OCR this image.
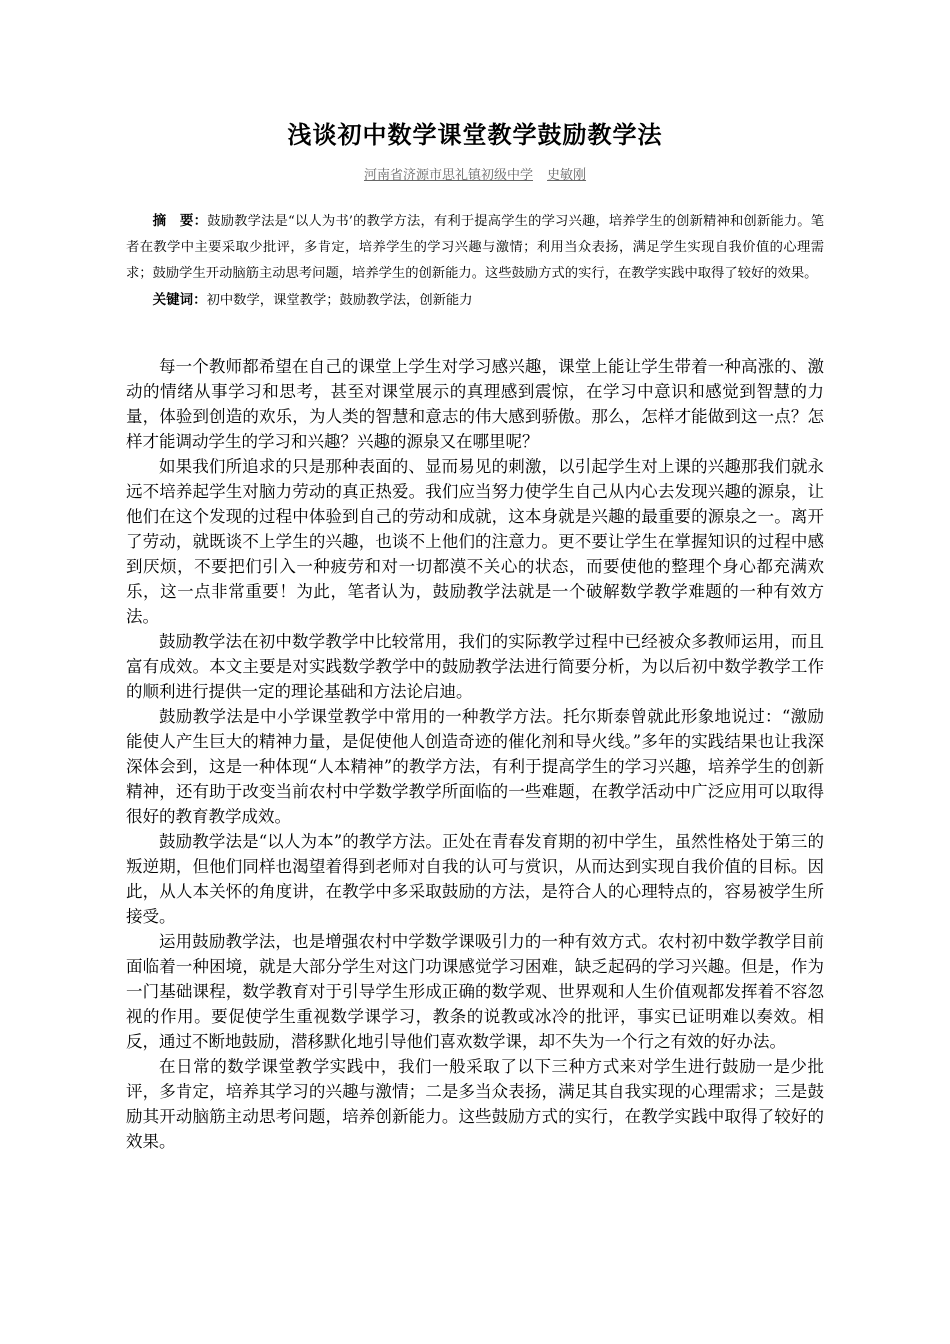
浅谈初中数学课堂教学鼓励教学法
河南省济源市思礼镇初级中学 史敏刚

摘　要：鼓励教学法是“以人为书’的教学方法，有利于提高学生的学习兴趣，培养学生的创新精神和创新能力。笔者在教学中主要采取少批评，多肯定，培养学生的学习兴趣与激情；利用当众表扬，满足学生实现自我价值的心理需求；鼓励学生开动脑筋主动思考问题，培养学生的创新能力。这些鼓励方式的实行，在教学实践中取得了较好的效果。

关键词：初中数学，课堂教学；鼓励教学法，创新能力

每一个教师都希望在自己的课堂上学生对学习感兴趣，课堂上能让学生带着一种高涨的、激动的情绪从事学习和思考，甚至对课堂展示的真理感到震惊，在学习中意识和感觉到智慧的力量，体验到创造的欢乐，为人类的智慧和意志的伟大感到骄傲。那么，怎样才能做到这一点？怎样才能调动学生的学习和兴趣？兴趣的源泉又在哪里呢？

如果我们所追求的只是那种表面的、显而易见的刺激，以引起学生对上课的兴趣那我们就永远不培养起学生对脑力劳动的真正热爱。我们应当努力使学生自己从内心去发现兴趣的源泉，让他们在这个发现的过程中体验到自己的劳动和成就，这本身就是兴趣的最重要的源泉之一。离开了劳动，就既谈不上学生的兴趣，也谈不上他们的注意力。更不要让学生在掌握知识的过程中感到厌烦，不要把们引入一种疲劳和对一切都漠不关心的状态，而要使他的整理个身心都充满欢乐，这一点非常重要！为此，笔者认为，鼓励教学法就是一个破解数学教学难题的一种有效方法。

鼓励教学法在初中数学教学中比较常用，我们的实际教学过程中已经被众多教师运用，而且富有成效。本文主要是对实践数学教学中的鼓励教学法进行简要分析，为以后初中数学教学工作的顺利进行提供一定的理论基础和方法论启迪。

鼓励教学法是中小学课堂教学中常用的一种教学方法。托尔斯泰曾就此形象地说过：“激励能使人产生巨大的精神力量，是促使他人创造奇迹的催化剂和导火线。”多年的实践结果也让我深深体会到，这是一种体现“人本精神”的教学方法，有利于提高学生的学习兴趣，培养学生的创新精神，还有助于改变当前农村中学数学教学所面临的一些难题，在教学活动中广泛应用可以取得很好的教育教学成效。

鼓励教学法是“以人为本”的教学方法。正处在青春发育期的初中学生，虽然性格处于第三的叛逆期，但他们同样也渴望着得到老师对自我的认可与赏识，从而达到实现自我价值的目标。因此，从人本关怀的角度讲，在教学中多采取鼓励的方法，是符合人的心理特点的，容易被学生所接受。

运用鼓励教学法，也是增强农村中学数学课吸引力的一种有效方式。农村初中数学教学目前面临着一种困境，就是大部分学生对这门功课感觉学习困难，缺乏起码的学习兴趣。但是，作为一门基础课程，数学教育对于引导学生形成正确的数学观、世界观和人生价值观都发挥着不容忽视的作用。要促使学生重视数学课学习，教条的说教或冰冷的批评，事实已证明难以奏效。相反，通过不断地鼓励，潜移默化地引导他们喜欢数学课，却不失为一个行之有效的好办法。

在日常的数学课堂教学实践中，我们一般采取了以下三种方式来对学生进行鼓励一是少批评，多肯定，培养其学习的兴趣与激情；二是多当众表扬，满足其自我实现的心理需求；三是鼓励其开动脑筋主动思考问题，培养创新能力。这些鼓励方式的实行，在教学实践中取得了较好的效果。
